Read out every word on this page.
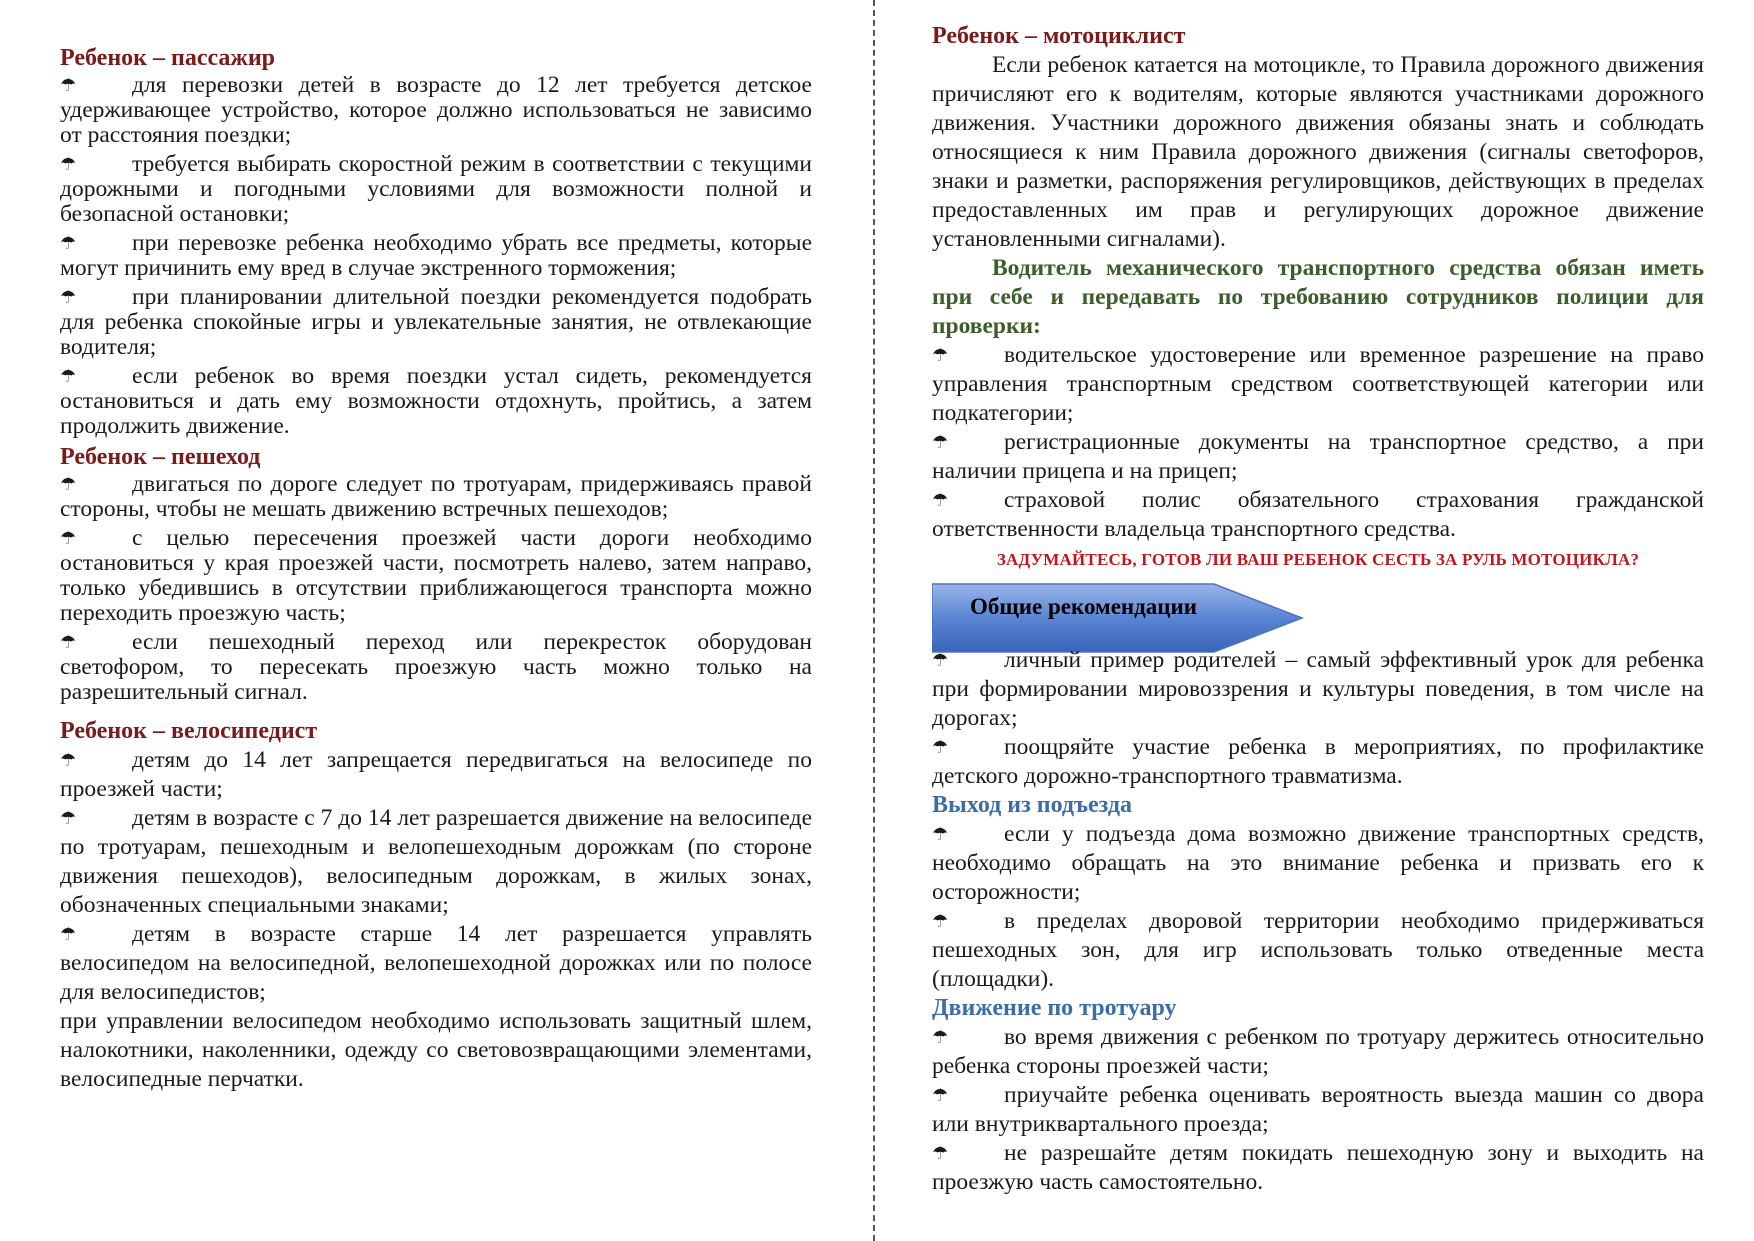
Ребенок – пассажир

☂ для перевозки детей в возрасте до 12 лет требуется детское удерживающее устройство, которое должно использоваться не зависимо от расстояния поездки;

☂ требуется выбирать скоростной режим в соответствии с текущими дорожными и погодными условиями для возможности полной и безопасной остановки;

☂ при перевозке ребенка необходимо убрать все предметы, которые могут причинить ему вред в случае экстренного торможения;

☂ при планировании длительной поездки рекомендуется подобрать для ребенка спокойные игры и увлекательные занятия, не отвлекающие водителя;

☂ если ребенок во время поездки устал сидеть, рекомендуется остановиться и дать ему возможности отдохнуть, пройтись, а затем продолжить движение.

Ребенок – пешеход

☂ двигаться по дороге следует по тротуарам, придерживаясь правой стороны, чтобы не мешать движению встречных пешеходов;

☂ с целью пересечения проезжей части дороги необходимо остановиться у края проезжей части, посмотреть налево, затем направо, только убедившись в отсутствии приближающегося транспорта можно переходить проезжую часть;

☂ если пешеходный переход или перекресток оборудован светофором, то пересекать проезжую часть можно только на разрешительный сигнал.

Ребенок – велосипедист

☂ детям до 14 лет запрещается передвигаться на велосипеде по проезжей части;

☂ детям в возрасте с 7 до 14 лет разрешается движение на велосипеде по тротуарам, пешеходным и велопешеходным дорожкам (по стороне движения пешеходов), велосипедным дорожкам, в жилых зонах, обозначенных специальными знаками;

☂ детям в возрасте старше 14 лет разрешается управлять велосипедом на велосипедной, велопешеходной дорожках или по полосе для велосипедистов;

при управлении велосипедом необходимо использовать защитный шлем, налокотники, наколенники, одежду со световозвращающими элементами, велосипедные перчатки.

Ребенок – мотоциклист

Если ребенок катается на мотоцикле, то Правила дорожного движения причисляют его к водителям, которые являются участниками дорожного движения. Участники дорожного движения обязаны знать и соблюдать относящиеся к ним Правила дорожного движения (сигналы светофоров, знаки и разметки, распоряжения регулировщиков, действующих в пределах предоставленных им прав и регулирующих дорожное движение установленными сигналами).

Водитель механического транспортного средства обязан иметь при себе и передавать по требованию сотрудников полиции для проверки:

☂ водительское удостоверение или временное разрешение на право управления транспортным средством соответствующей категории или подкатегории;

☂ регистрационные документы на транспортное средство, а при наличии прицепа и на прицеп;

☂ страховой полис обязательного страхования гражданской ответственности владельца транспортного средства.

ЗАДУМАЙТЕСЬ, ГОТОВ ЛИ ВАШ РЕБЕНОК СЕСТЬ ЗА РУЛЬ МОТОЦИКЛА?

Общие рекомендации

☂ личный пример родителей – самый эффективный урок для ребенка при формировании мировоззрения и культуры поведения, в том числе на дорогах;

☂ поощряйте участие ребенка в мероприятиях, по профилактике детского дорожно-транспортного травматизма.

Выход из подъезда

☂ если у подъезда дома возможно движение транспортных средств, необходимо обращать на это внимание ребенка и призвать его к осторожности;

☂ в пределах дворовой территории необходимо придерживаться пешеходных зон, для игр использовать только отведенные места (площадки).

Движение по тротуару

☂ во время движения с ребенком по тротуару держитесь относительно ребенка стороны проезжей части;

☂ приучайте ребенка оценивать вероятность выезда машин со двора или внутриквартального проезда;

☂ не разрешайте детям покидать пешеходную зону и выходить на проезжую часть самостоятельно.
